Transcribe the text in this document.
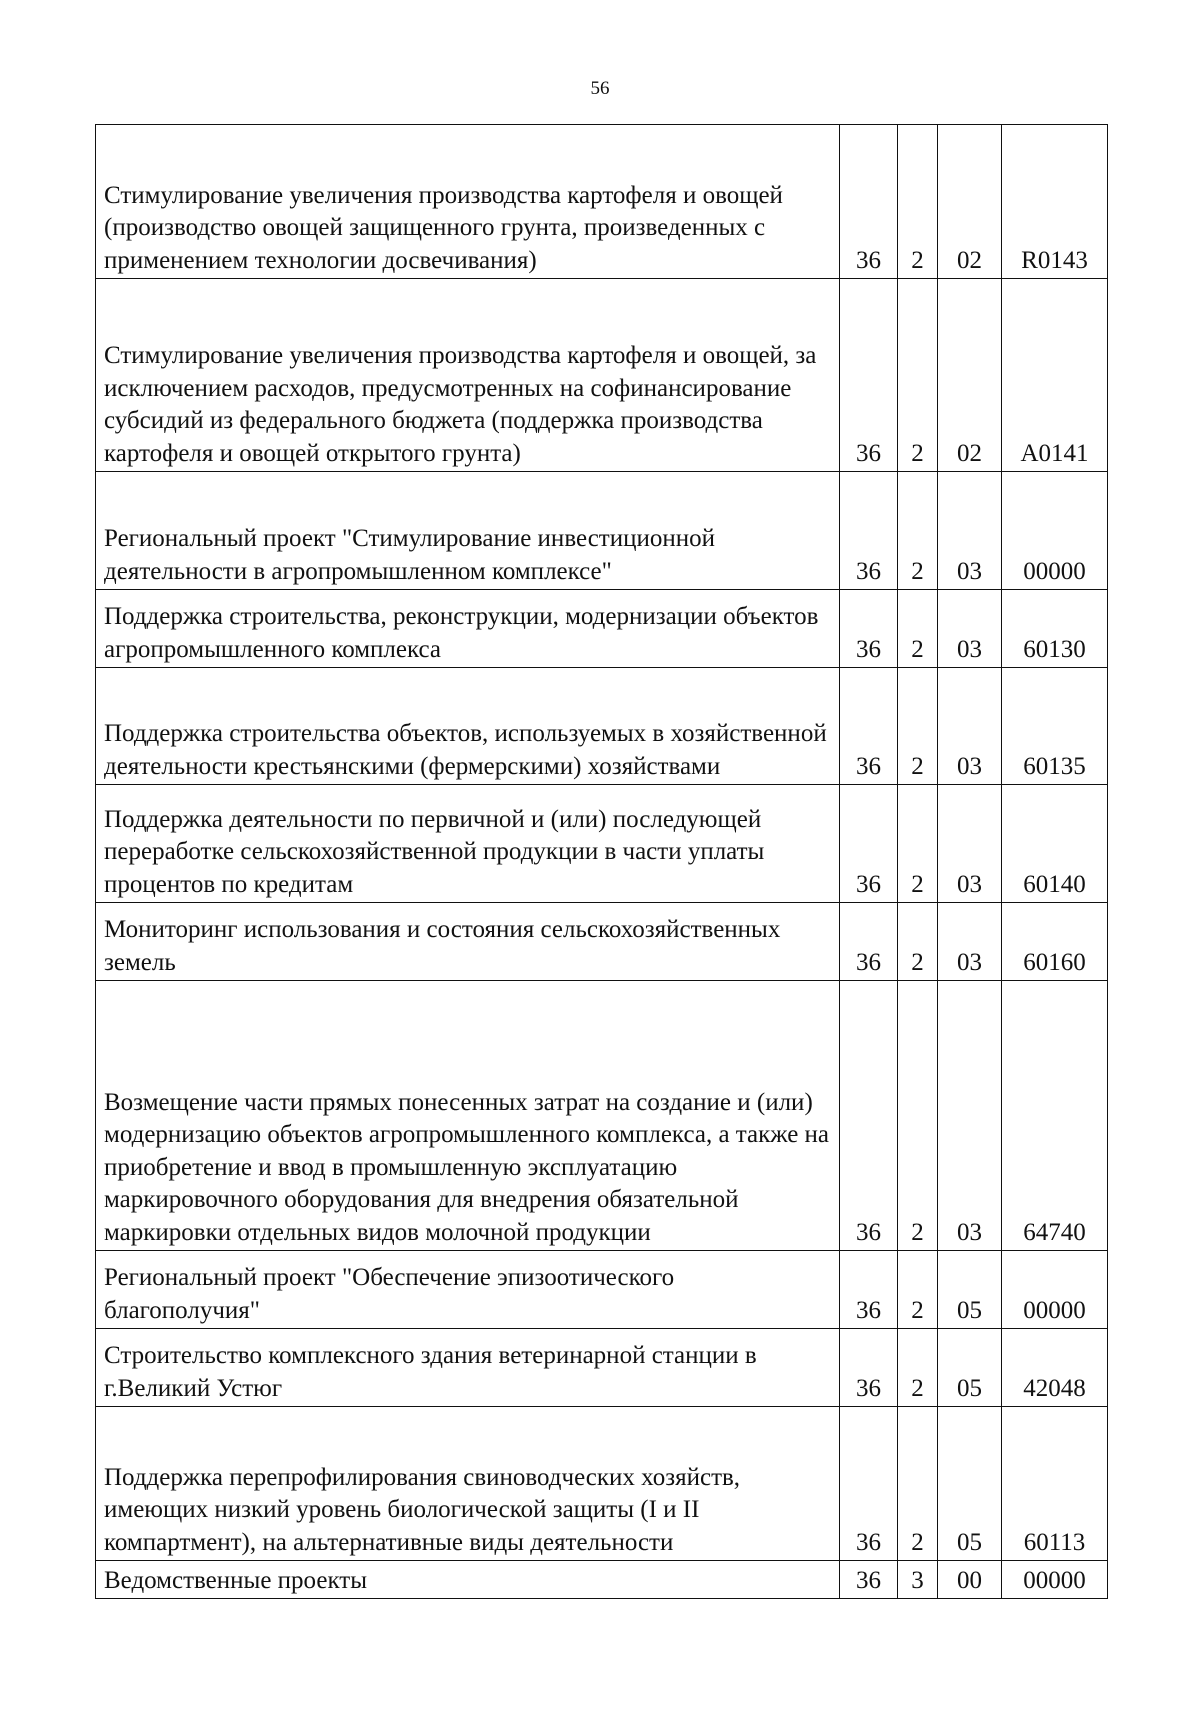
56
Стимулирование увеличения производства картофеля и овощей (производство овощей защищенного грунта, произведенных с применением технологии досвечивания)	36	2	02	R0143
Стимулирование увеличения производства картофеля и овощей, за исключением расходов, предусмотренных на софинансирование субсидий из федерального бюджета (поддержка производства картофеля и овощей открытого грунта)	36	2	02	А0141
Региональный проект "Стимулирование инвестиционной деятельности в агропромышленном комплексе"	36	2	03	00000
Поддержка строительства, реконструкции, модернизации объектов агропромышленного комплекса	36	2	03	60130
Поддержка строительства объектов, используемых в хозяйственной деятельности крестьянскими (фермерскими) хозяйствами	36	2	03	60135
Поддержка деятельности по первичной и (или) последующей переработке сельскохозяйственной продукции в части уплаты процентов по кредитам	36	2	03	60140
Мониторинг использования и состояния сельскохозяйственных земель	36	2	03	60160
Возмещение части прямых понесенных затрат на создание и (или) модернизацию объектов агропромышленного комплекса, а также на приобретение и ввод в промышленную эксплуатацию маркировочного оборудования для внедрения обязательной маркировки отдельных видов молочной продукции	36	2	03	64740
Региональный проект "Обеспечение эпизоотического благополучия"	36	2	05	00000
Строительство комплексного здания ветеринарной станции в г.Великий Устюг	36	2	05	42048
Поддержка перепрофилирования свиноводческих хозяйств, имеющих низкий уровень биологической защиты (I и II компартмент), на альтернативные виды деятельности	36	2	05	60113
Ведомственные проекты	36	3	00	00000
